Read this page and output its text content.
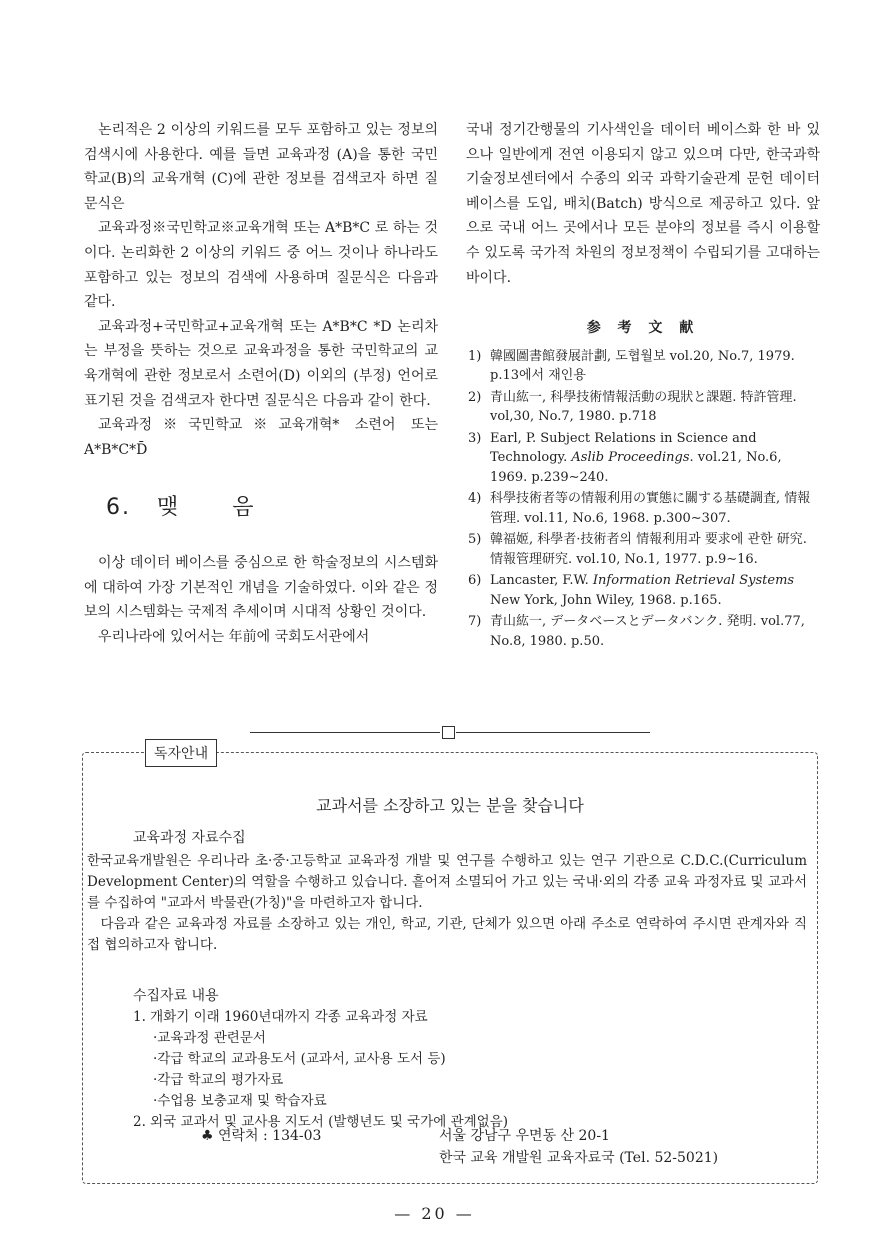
논리적은 2 이상의 키워드를 모두 포함하고 있는 정보의 검색시에 사용한다. 예를 들면 교육과정 (A)을 통한 국민학교(B)의 교육개혁 (C)에 관한 정보를 검색코자 하면 질문식은

교육과정※국민학교※교육개혁 또는 A*B*C 로 하는 것이다. 논리화한 2 이상의 키워드 중 어느 것이나 하나라도 포함하고 있는 정보의 검색에 사용하며 질문식은 다음과 같다.

교육과정+국민학교+교육개혁 또는 A*B*C *D 논리차는 부정을 뜻하는 것으로 교육과정을 통한 국민학교의 교육개혁에 관한 정보로서 소련어(D) 이외의 (부정) 언어로 표기된 것을 검색코자 한다면 질문식은 다음과 같이 한다.

교육과정※국민학교※교육개혁* 소련어 또는 A*B*C*D̄

6. 맺 음

이상 데이터 베이스를 중심으로 한 학술정보의 시스템화에 대하여 가장 기본적인 개념을 기술하였다. 이와 같은 정보의 시스템화는 국제적 추세이며 시대적 상황인 것이다.

우리나라에 있어서는 年前에 국회도서관에서

국내 정기간행물의 기사색인을 데이터 베이스화 한 바 있으나 일반에게 전연 이용되지 않고 있으며 다만, 한국과학기술정보센터에서 수종의 외국 과학기술관계 문헌 데이터 베이스를 도입, 배치(Batch) 방식으로 제공하고 있다. 앞으로 국내 어느 곳에서나 모든 분야의 정보를 즉시 이용할 수 있도록 국가적 차원의 정보정책이 수립되기를 고대하는 바이다.

参 考 文 献
1) 韓國圖書館發展計劃, 도협월보 vol.20, No.7, 1979. p.13에서 재인용
2) 青山紘一, 科學技術情報活動の現狀と課題. 特許管理. vol,30, No.7, 1980. p.718
3) Earl, P. Subject Relations in Science and Technology. Aslib Proceedings. vol.21, No.6, 1969. p.239∼240.
4) 科學技術者等の情報利用の實態に關する基礎調査, 情報管理. vol.11, No.6, 1968. p.300∼307.
5) 韓福姬, 科學者·技術者의 情報利用과 要求에 관한 研究. 情報管理研究. vol.10, No.1, 1977. p.9∼16.
6) Lancaster, F.W. Information Retrieval Systems New York, John Wiley, 1968. p.165.
7) 青山紘一, データベースとデータバンク. 発明. vol.77, No.8, 1980. p.50.
독자안내
교과서를 소장하고 있는 분을 찾습니다
교육과정 자료수집

한국교육개발원은 우리나라 초·중·고등학교 교육과정 개발 및 연구를 수행하고 있는 연구 기관으로 C.D.C.(Curriculum Development Center)의 역할을 수행하고 있습니다. 흩어져 소멸되어 가고 있는 국내·외의 각종 교육 과정자료 및 교과서를 수집하여 "교과서 박물관(가칭)"을 마련하고자 합니다.

다음과 같은 교육과정 자료를 소장하고 있는 개인, 학교, 기관, 단체가 있으면 아래 주소로 연락하여 주시면 관계자와 직접 협의하고자 합니다.

수집자료 내용
1. 개화기 이래 1960년대까지 각종 교육과정 자료
·교육과정 관련문서
·각급 학교의 교과용도서 (교과서, 교사용 도서 등)
·각급 학교의 평가자료
·수업용 보충교재 및 학습자료
2. 외국 교과서 및 교사용 지도서 (발행년도 및 국가에 관계없음)
♣ 연락처 : 134-03	서울 강남구 우면동 산 20-1
한국 교육 개발원 교육자료국 (Tel. 52-5021)
— 20 —
